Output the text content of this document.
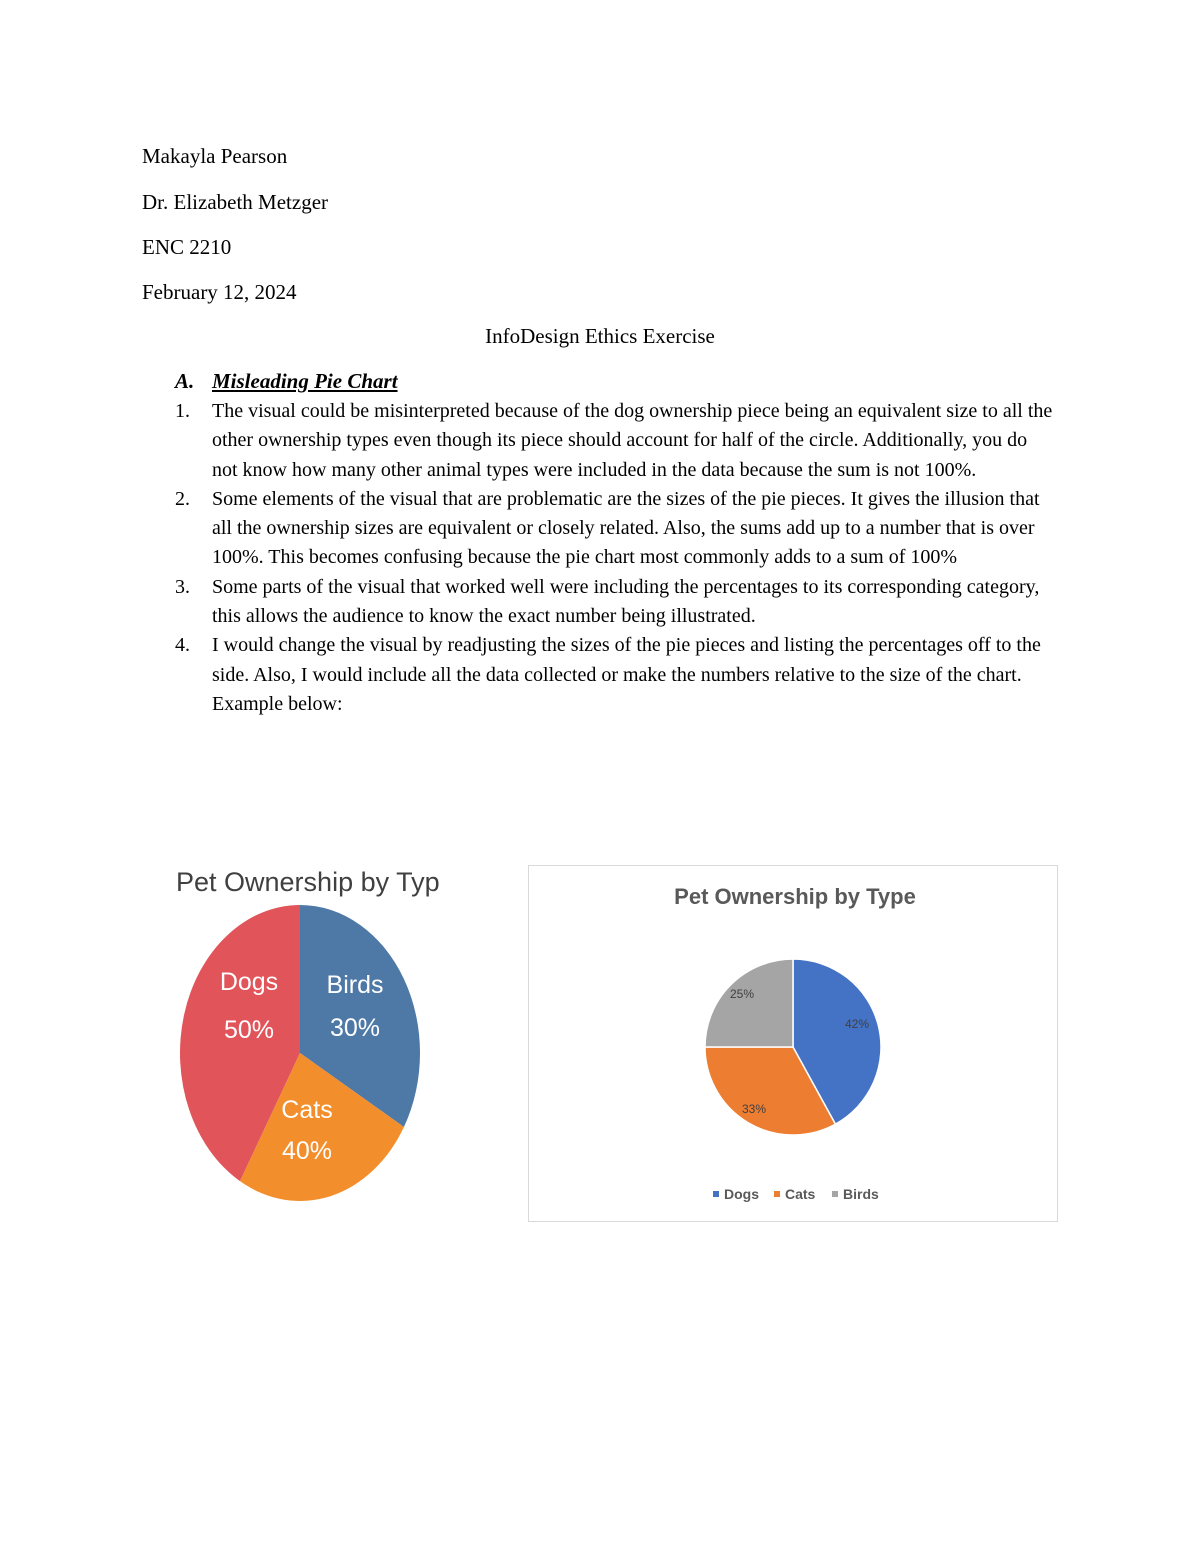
Makayla Pearson
Dr. Elizabeth Metzger
ENC 2210
February 12, 2024
InfoDesign Ethics Exercise
A. Misleading Pie Chart
1. The visual could be misinterpreted because of the dog ownership piece being an equivalent size to all the other ownership types even though its piece should account for half of the circle. Additionally, you do not know how many other animal types were included in the data because the sum is not 100%.
2. Some elements of the visual that are problematic are the sizes of the pie pieces. It gives the illusion that all the ownership sizes are equivalent or closely related. Also, the sums add up to a number that is over 100%. This becomes confusing because the pie chart most commonly adds to a sum of 100%
3. Some parts of the visual that worked well were including the percentages to its corresponding category, this allows the audience to know the exact number being illustrated.
4. I would change the visual by readjusting the sizes of the pie pieces and listing the percentages off to the side. Also, I would include all the data collected or make the numbers relative to the size of the chart. Example below:
Pet Ownership by Type
Dogs
50%
Birds
30%
Cats
40%
Pet Ownership by Type
42%
33%
25%
Dogs Cats Birds
